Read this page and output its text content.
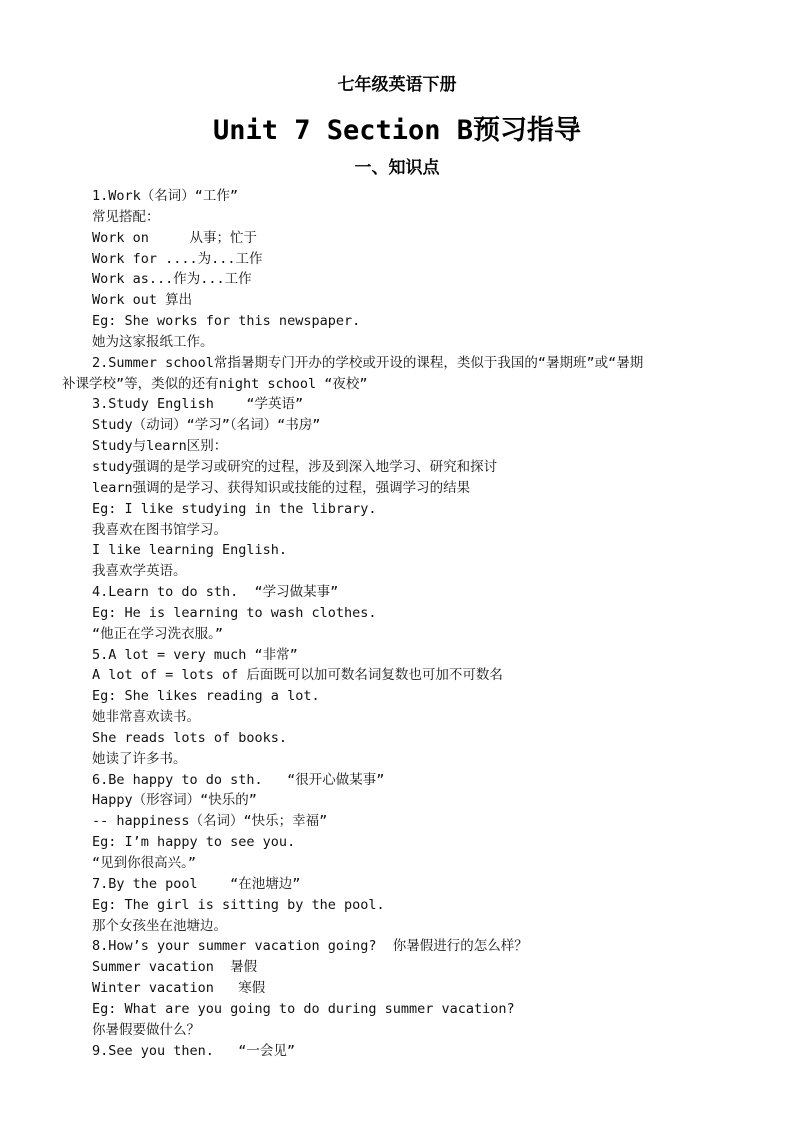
七年级英语下册
Unit 7 Section B预习指导
一、知识点
1.Work（名词）“工作”
常见搭配：
Work on     从事；忙于
Work for ....为...工作
Work as...作为...工作
Work out 算出
Eg: She works for this newspaper.
她为这家报纸工作。
2.Summer school常指暑期专门开办的学校或开设的课程，类似于我国的“暑期班”或“暑期
补课学校”等，类似的还有night school “夜校”
3.Study English    “学英语”
Study（动词）“学习”（名词）“书房”
Study与learn区别：
study强调的是学习或研究的过程，涉及到深入地学习、研究和探讨
learn强调的是学习、获得知识或技能的过程，强调学习的结果
Eg: I like studying in the library.
我喜欢在图书馆学习。
I like learning English.
我喜欢学英语。
4.Learn to do sth.  “学习做某事”
Eg: He is learning to wash clothes.
“他正在学习洗衣服。”
5.A lot = very much “非常”
A lot of = lots of 后面既可以加可数名词复数也可加不可数名
Eg: She likes reading a lot.
她非常喜欢读书。
She reads lots of books.
她读了许多书。
6.Be happy to do sth.   “很开心做某事”
Happy（形容词）“快乐的”
-- happiness（名词）“快乐；幸福”
Eg: I’m happy to see you.
“见到你很高兴。”
7.By the pool    “在池塘边”
Eg: The girl is sitting by the pool.
那个女孩坐在池塘边。
8.How’s your summer vacation going?  你暑假进行的怎么样？
Summer vacation  暑假
Winter vacation   寒假
Eg: What are you going to do during summer vacation?
你暑假要做什么？
9.See you then.   “一会见”
